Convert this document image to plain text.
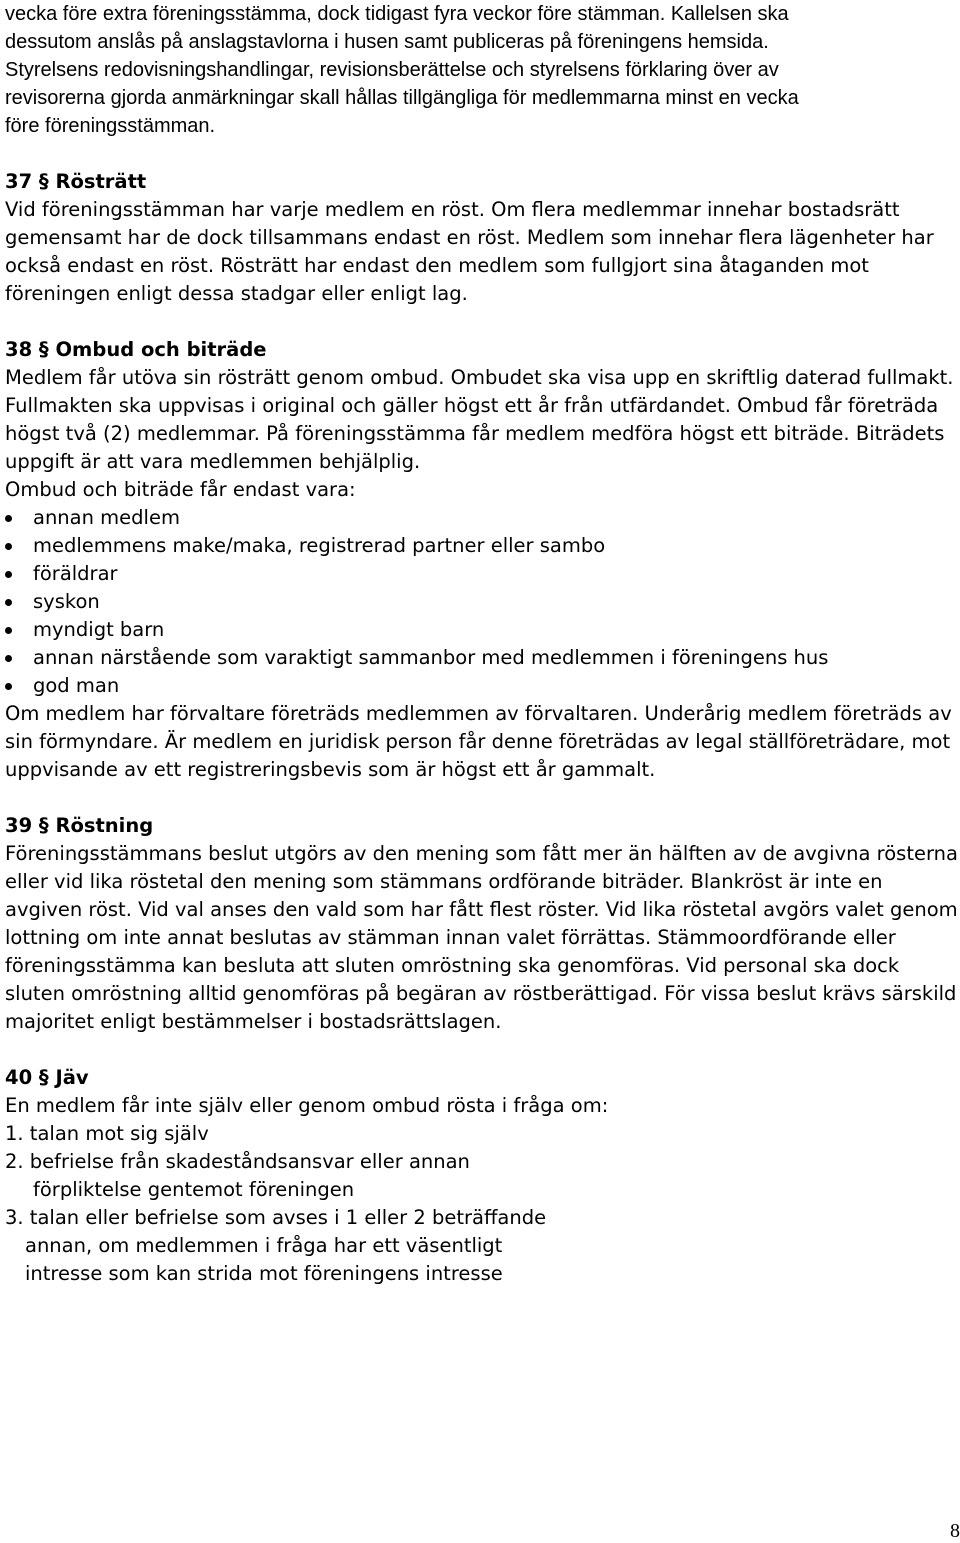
vecka före extra föreningsstämma, dock tidigast fyra veckor före stämman. Kallelsen ska
dessutom anslås på anslagstavlorna i husen samt publiceras på föreningens hemsida.
Styrelsens redovisningshandlingar, revisionsberättelse och styrelsens förklaring över av
revisorerna gjorda anmärkningar skall hållas tillgängliga för medlemmarna minst en vecka
före föreningsstämman.
37 § Rösträtt

Vid föreningsstämman har varje medlem en röst. Om flera medlemmar innehar bostadsrätt gemensamt har de dock tillsammans endast en röst. Medlem som innehar flera lägenheter har också endast en röst. Rösträtt har endast den medlem som fullgjort sina åtaganden mot föreningen enligt dessa stadgar eller enligt lag.

38 § Ombud och biträde

Medlem får utöva sin rösträtt genom ombud. Ombudet ska visa upp en skriftlig daterad fullmakt. Fullmakten ska uppvisas i original och gäller högst ett år från utfärdandet. Ombud får företräda högst två (2) medlemmar. På föreningsstämma får medlem medföra högst ett biträde. Biträdets uppgift är att vara medlemmen behjälplig.

Ombud och biträde får endast vara:

annan medlem
medlemmens make/maka, registrerad partner eller sambo
föräldrar
syskon
myndigt barn
annan närstående som varaktigt sammanbor med medlemmen i föreningens hus
god man

Om medlem har förvaltare företräds medlemmen av förvaltaren. Underårig medlem företräds av sin förmyndare. Är medlem en juridisk person får denne företrädas av legal ställföreträdare, mot uppvisande av ett registreringsbevis som är högst ett år gammalt.

39 § Röstning

Föreningsstämmans beslut utgörs av den mening som fått mer än hälften av de avgivna rösterna eller vid lika röstetal den mening som stämmans ordförande biträder. Blankröst är inte en avgiven röst. Vid val anses den vald som har fått flest röster. Vid lika röstetal avgörs valet genom lottning om inte annat beslutas av stämman innan valet förrättas. Stämmoordförande eller föreningsstämma kan besluta att sluten omröstning ska genomföras. Vid personal ska dock sluten omröstning alltid genomföras på begäran av röstberättigad. För vissa beslut krävs särskild majoritet enligt bestämmelser i bostadsrättslagen.

40 § Jäv

En medlem får inte själv eller genom ombud rösta i fråga om:

1. talan mot sig själv
2. befrielse från skadeståndsansvar eller annan
förpliktelse gentemot föreningen
3. talan eller befrielse som avses i 1 eller 2 beträffande
annan, om medlemmen i fråga har ett väsentligt
intresse som kan strida mot föreningens intresse
8
